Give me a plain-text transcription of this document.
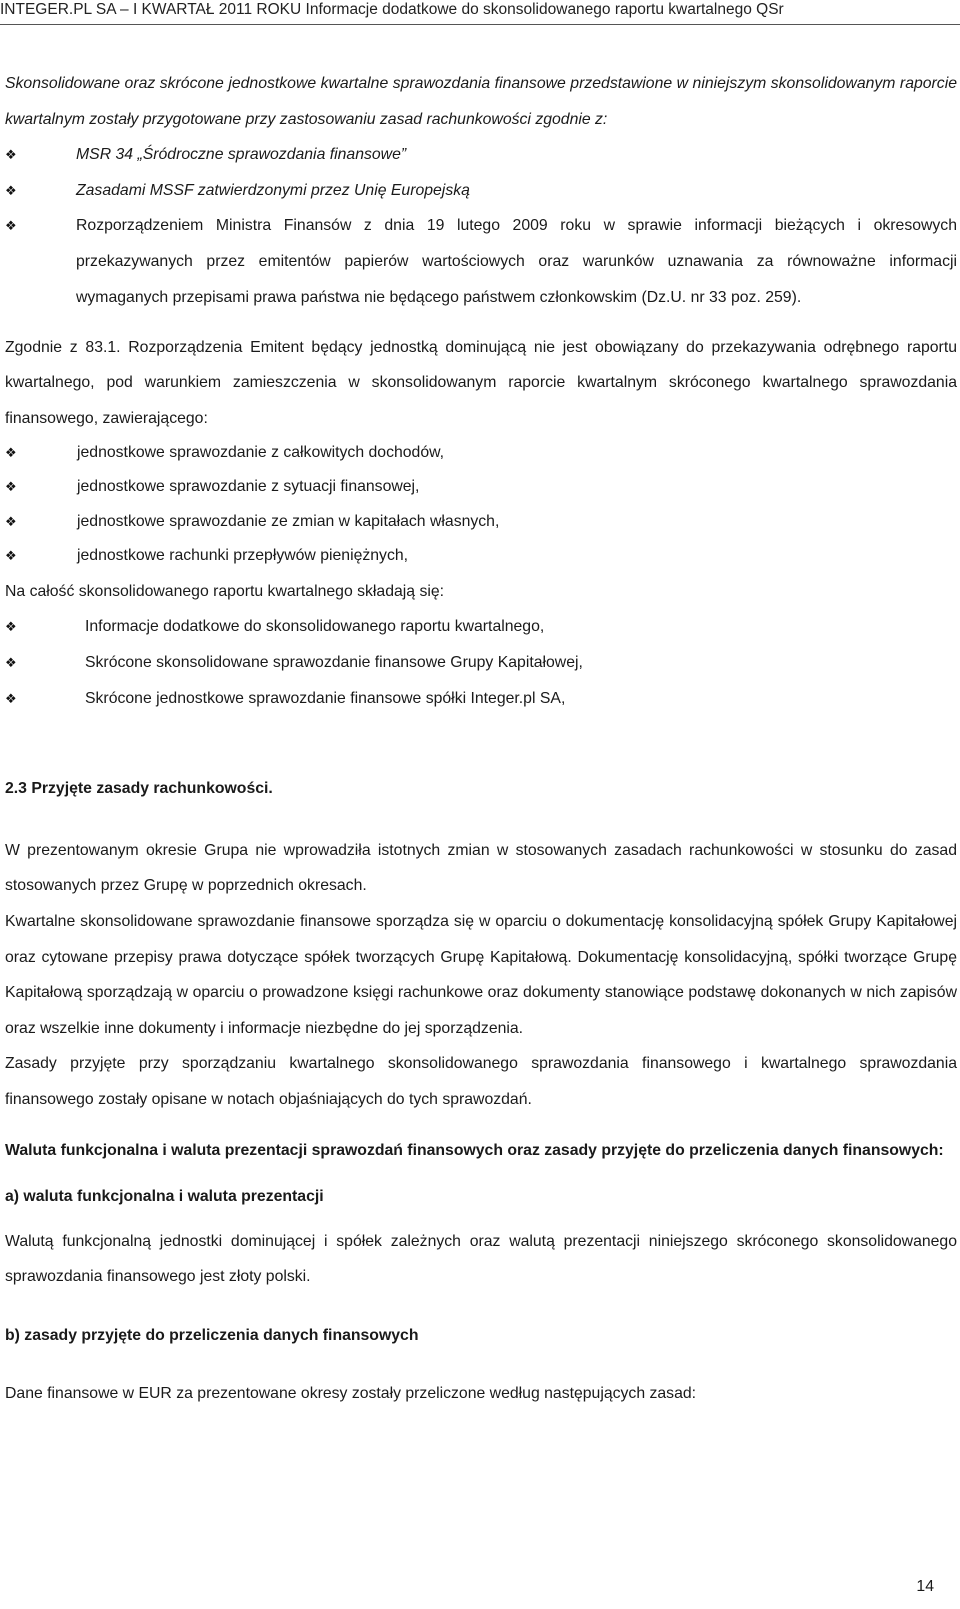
INTEGER.PL SA – I KWARTAŁ 2011 ROKU Informacje dodatkowe do skonsolidowanego raportu kwartalnego QSr

Skonsolidowane oraz skrócone jednostkowe kwartalne sprawozdania finansowe przedstawione w niniejszym skonsolidowanym raporcie kwartalnym zostały przygotowane przy zastosowaniu zasad rachunkowości zgodnie z:

❖	MSR 34 „Śródroczne sprawozdania finansowe”
❖	Zasadami MSSF zatwierdzonymi przez Unię Europejską
❖	Rozporządzeniem Ministra Finansów z dnia 19 lutego 2009 roku w sprawie informacji bieżących i okresowych przekazywanych przez emitentów papierów wartościowych oraz warunków uznawania za równoważne informacji wymaganych przepisami prawa państwa nie będącego państwem członkowskim (Dz.U. nr 33 poz. 259).

Zgodnie z 83.1. Rozporządzenia Emitent będący jednostką dominującą nie jest obowiązany do przekazywania odrębnego raportu kwartalnego, pod warunkiem zamieszczenia w skonsolidowanym raporcie kwartalnym skróconego kwartalnego sprawozdania finansowego, zawierającego:

❖	jednostkowe sprawozdanie z całkowitych dochodów,
❖	jednostkowe sprawozdanie z sytuacji finansowej,
❖	jednostkowe sprawozdanie ze zmian w kapitałach własnych,
❖	jednostkowe rachunki przepływów pieniężnych,

Na całość skonsolidowanego raportu kwartalnego składają się:

❖	Informacje dodatkowe do skonsolidowanego raportu kwartalnego,
❖	Skrócone skonsolidowane sprawozdanie finansowe Grupy Kapitałowej,
❖	Skrócone jednostkowe sprawozdanie finansowe spółki Integer.pl SA,

2.3 Przyjęte zasady rachunkowości.

W prezentowanym okresie Grupa nie wprowadziła istotnych zmian w stosowanych zasadach rachunkowości w stosunku do zasad stosowanych przez Grupę w poprzednich okresach.

Kwartalne skonsolidowane sprawozdanie finansowe sporządza się w oparciu o dokumentację konsolidacyjną spółek Grupy Kapitałowej oraz cytowane przepisy prawa dotyczące spółek tworzących Grupę Kapitałową. Dokumentację konsolidacyjną, spółki tworzące Grupę Kapitałową sporządzają w oparciu o prowadzone księgi rachunkowe oraz dokumenty stanowiące podstawę dokonanych w nich zapisów oraz wszelkie inne dokumenty i informacje niezbędne do jej sporządzenia.

Zasady przyjęte przy sporządzaniu kwartalnego skonsolidowanego sprawozdania finansowego i kwartalnego sprawozdania finansowego zostały opisane w notach objaśniających do tych sprawozdań.

Waluta funkcjonalna i waluta prezentacji sprawozdań finansowych oraz zasady przyjęte do przeliczenia danych finansowych:

a) waluta funkcjonalna i waluta prezentacji

Walutą funkcjonalną jednostki dominującej i spółek zależnych oraz walutą prezentacji niniejszego skróconego skonsolidowanego sprawozdania finansowego jest złoty polski.

b) zasady przyjęte do przeliczenia danych finansowych

Dane finansowe w EUR za prezentowane okresy zostały przeliczone według następujących zasad:

14
